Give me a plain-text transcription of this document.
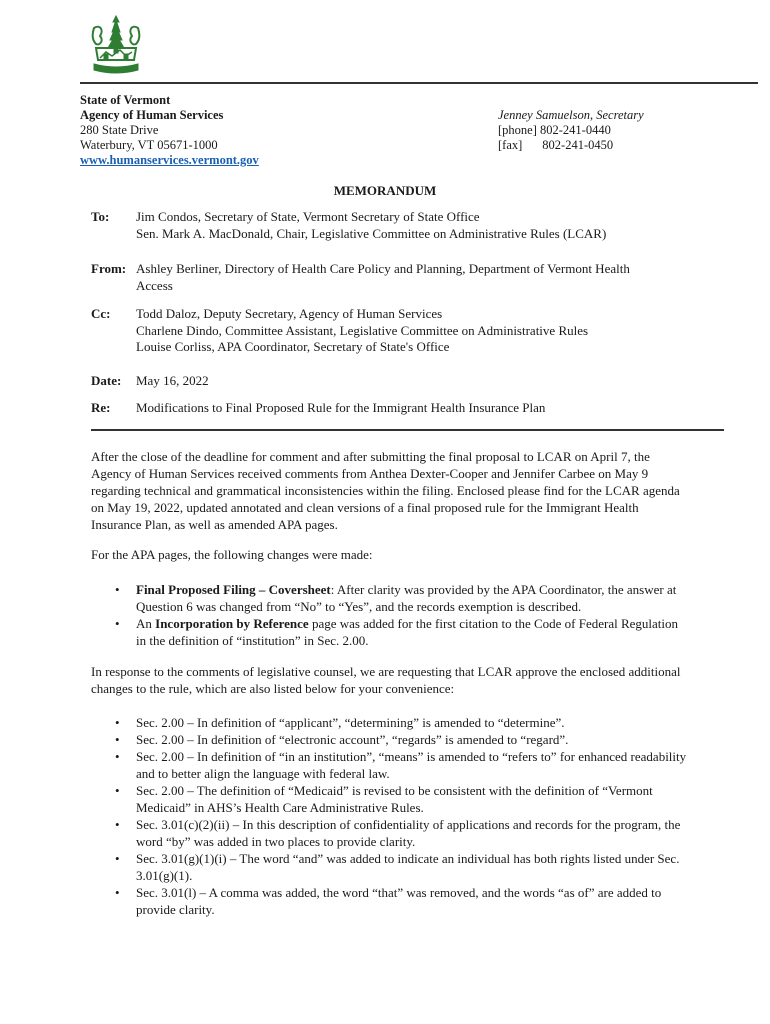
State of Vermont
Agency of Human Services
280 State Drive
Waterbury, VT 05671-1000
www.humanservices.vermont.gov
Jenney Samuelson, Secretary
[phone] 802-241-0440
[fax] 802-241-0450
MEMORANDUM
To: Jim Condos, Secretary of State, Vermont Secretary of State Office
Sen. Mark A. MacDonald, Chair, Legislative Committee on Administrative Rules (LCAR)
From: Ashley Berliner, Directory of Health Care Policy and Planning, Department of Vermont Health
Access
Cc: Todd Daloz, Deputy Secretary, Agency of Human Services
Charlene Dindo, Committee Assistant, Legislative Committee on Administrative Rules
Louise Corliss, APA Coordinator, Secretary of State's Office
Date: May 16, 2022
Re: Modifications to Final Proposed Rule for the Immigrant Health Insurance Plan

After the close of the deadline for comment and after submitting the final proposal to LCAR on April 7, the Agency of Human Services received comments from Anthea Dexter-Cooper and Jennifer Carbee on May 9 regarding technical and grammatical inconsistencies within the filing. Enclosed please find for the LCAR agenda on May 19, 2022, updated annotated and clean versions of a final proposed rule for the Immigrant Health Insurance Plan, as well as amended APA pages.

For the APA pages, the following changes were made:

• Final Proposed Filing – Coversheet: After clarity was provided by the APA Coordinator, the answer at Question 6 was changed from “No” to “Yes”, and the records exemption is described.
• An Incorporation by Reference page was added for the first citation to the Code of Federal Regulation in the definition of “institution” in Sec. 2.00.

In response to the comments of legislative counsel, we are requesting that LCAR approve the enclosed additional changes to the rule, which are also listed below for your convenience:

• Sec. 2.00 – In definition of “applicant”, “determining” is amended to “determine”.
• Sec. 2.00 – In definition of “electronic account”, “regards” is amended to “regard”.
• Sec. 2.00 – In definition of “in an institution”, “means” is amended to “refers to” for enhanced readability and to better align the language with federal law.
• Sec. 2.00 – The definition of “Medicaid” is revised to be consistent with the definition of “Vermont Medicaid” in AHS’s Health Care Administrative Rules.
• Sec. 3.01(c)(2)(ii) – In this description of confidentiality of applications and records for the program, the word “by” was added in two places to provide clarity.
• Sec. 3.01(g)(1)(i) – The word “and” was added to indicate an individual has both rights listed under Sec. 3.01(g)(1).
• Sec. 3.01(l) – A comma was added, the word “that” was removed, and the words “as of” are added to provide clarity.
